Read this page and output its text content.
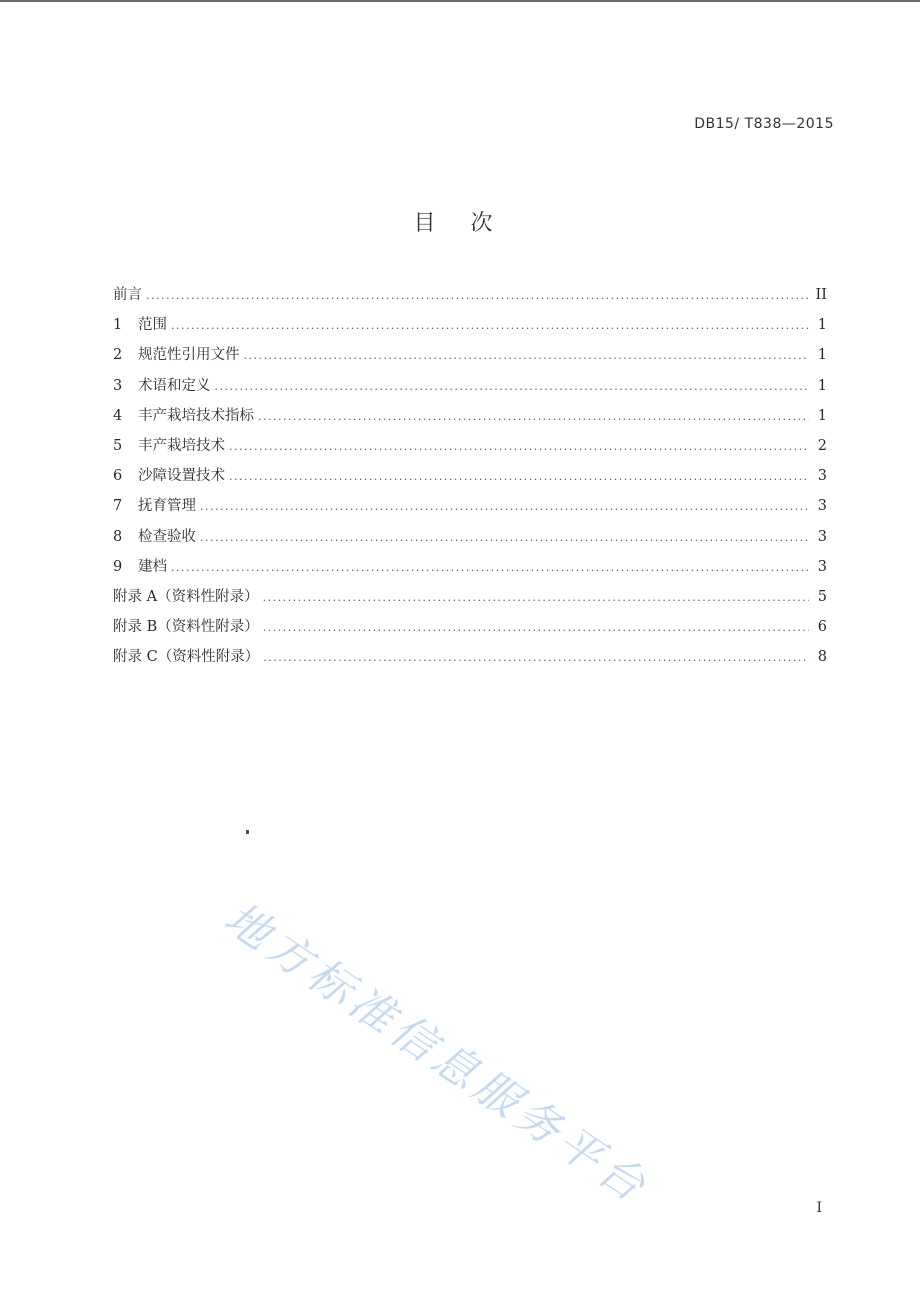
DB15/ T838—2015
目 次
前言 .....	II
1	范围 .....	1
2	规范性引用文件 .....	1
3	术语和定义 .....	1
4	丰产栽培技术指标 .....	1
5	丰产栽培技术 .....	2
6	沙障设置技术 .....	3
7	抚育管理 .....	3
8	检查验收 .....	3
9	建档 .....	3
附录 A（资料性附录） .....	5
附录 B（资料性附录） .....	6
附录 C（资料性附录） .....	8
地方标准信息服务平台	I
